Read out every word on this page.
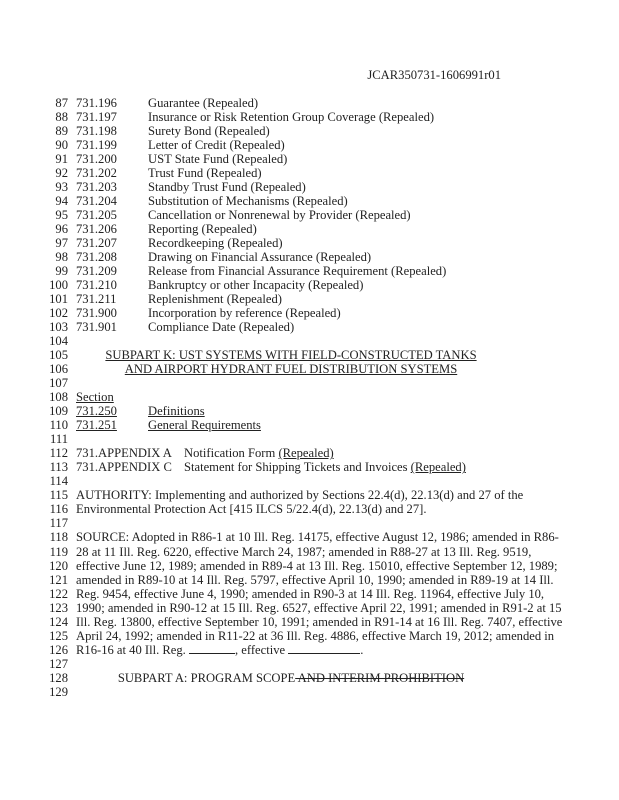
JCAR350731-1606991r01
87 731.196 Guarantee (Repealed)
88 731.197 Insurance or Risk Retention Group Coverage (Repealed)
89 731.198 Surety Bond (Repealed)
90 731.199 Letter of Credit (Repealed)
91 731.200 UST State Fund (Repealed)
92 731.202 Trust Fund (Repealed)
93 731.203 Standby Trust Fund (Repealed)
94 731.204 Substitution of Mechanisms (Repealed)
95 731.205 Cancellation or Nonrenewal by Provider (Repealed)
96 731.206 Reporting (Repealed)
97 731.207 Recordkeeping (Repealed)
98 731.208 Drawing on Financial Assurance (Repealed)
99 731.209 Release from Financial Assurance Requirement (Repealed)
100 731.210 Bankruptcy or other Incapacity (Repealed)
101 731.211	Replenishment (Repealed)
102 731.900 Incorporation by reference (Repealed)
103 731.901 Compliance Date (Repealed)
104
105	SUBPART K: UST SYSTEMS WITH FIELD-CONSTRUCTED TANKS
106	AND AIRPORT HYDRANT FUEL DISTRIBUTION SYSTEMS
107
108 Section
109 731.250 Definitions
110 731.251 General Requirements
111
112 731.APPENDIX A Notification Form (Repealed)
113 731.APPENDIX C Statement for Shipping Tickets and Invoices (Repealed)
114
115 AUTHORITY: Implementing and authorized by Sections 22.4(d), 22.13(d) and 27 of the
116 Environmental Protection Act [415 ILCS 5/22.4(d), 22.13(d) and 27].
117
118 SOURCE: Adopted in R86-1 at 10 Ill. Reg. 14175, effective August 12, 1986; amended in R86-
119 28 at 11 Ill. Reg. 6220, effective March 24, 1987; amended in R88-27 at 13 Ill. Reg. 9519,
120 effective June 12, 1989; amended in R89-4 at 13 Ill. Reg. 15010, effective September 12, 1989;
121 amended in R89-10 at 14 Ill. Reg. 5797, effective April 10, 1990; amended in R89-19 at 14 Ill.
122 Reg. 9454, effective June 4, 1990; amended in R90-3 at 14 Ill. Reg. 11964, effective July 10,
123 1990; amended in R90-12 at 15 Ill. Reg. 6527, effective April 22, 1991; amended in R91-2 at 15
124 Ill. Reg. 13800, effective September 10, 1991; amended in R91-14 at 16 Ill. Reg. 7407, effective
125 April 24, 1992; amended in R11-22 at 36 Ill. Reg. 4886, effective March 19, 2012; amended in
126 R16-16 at 40 Ill. Reg.	, effective	.
127
128	SUBPART A: PROGRAM SCOPE AND INTERIM PROHIBITION
129
